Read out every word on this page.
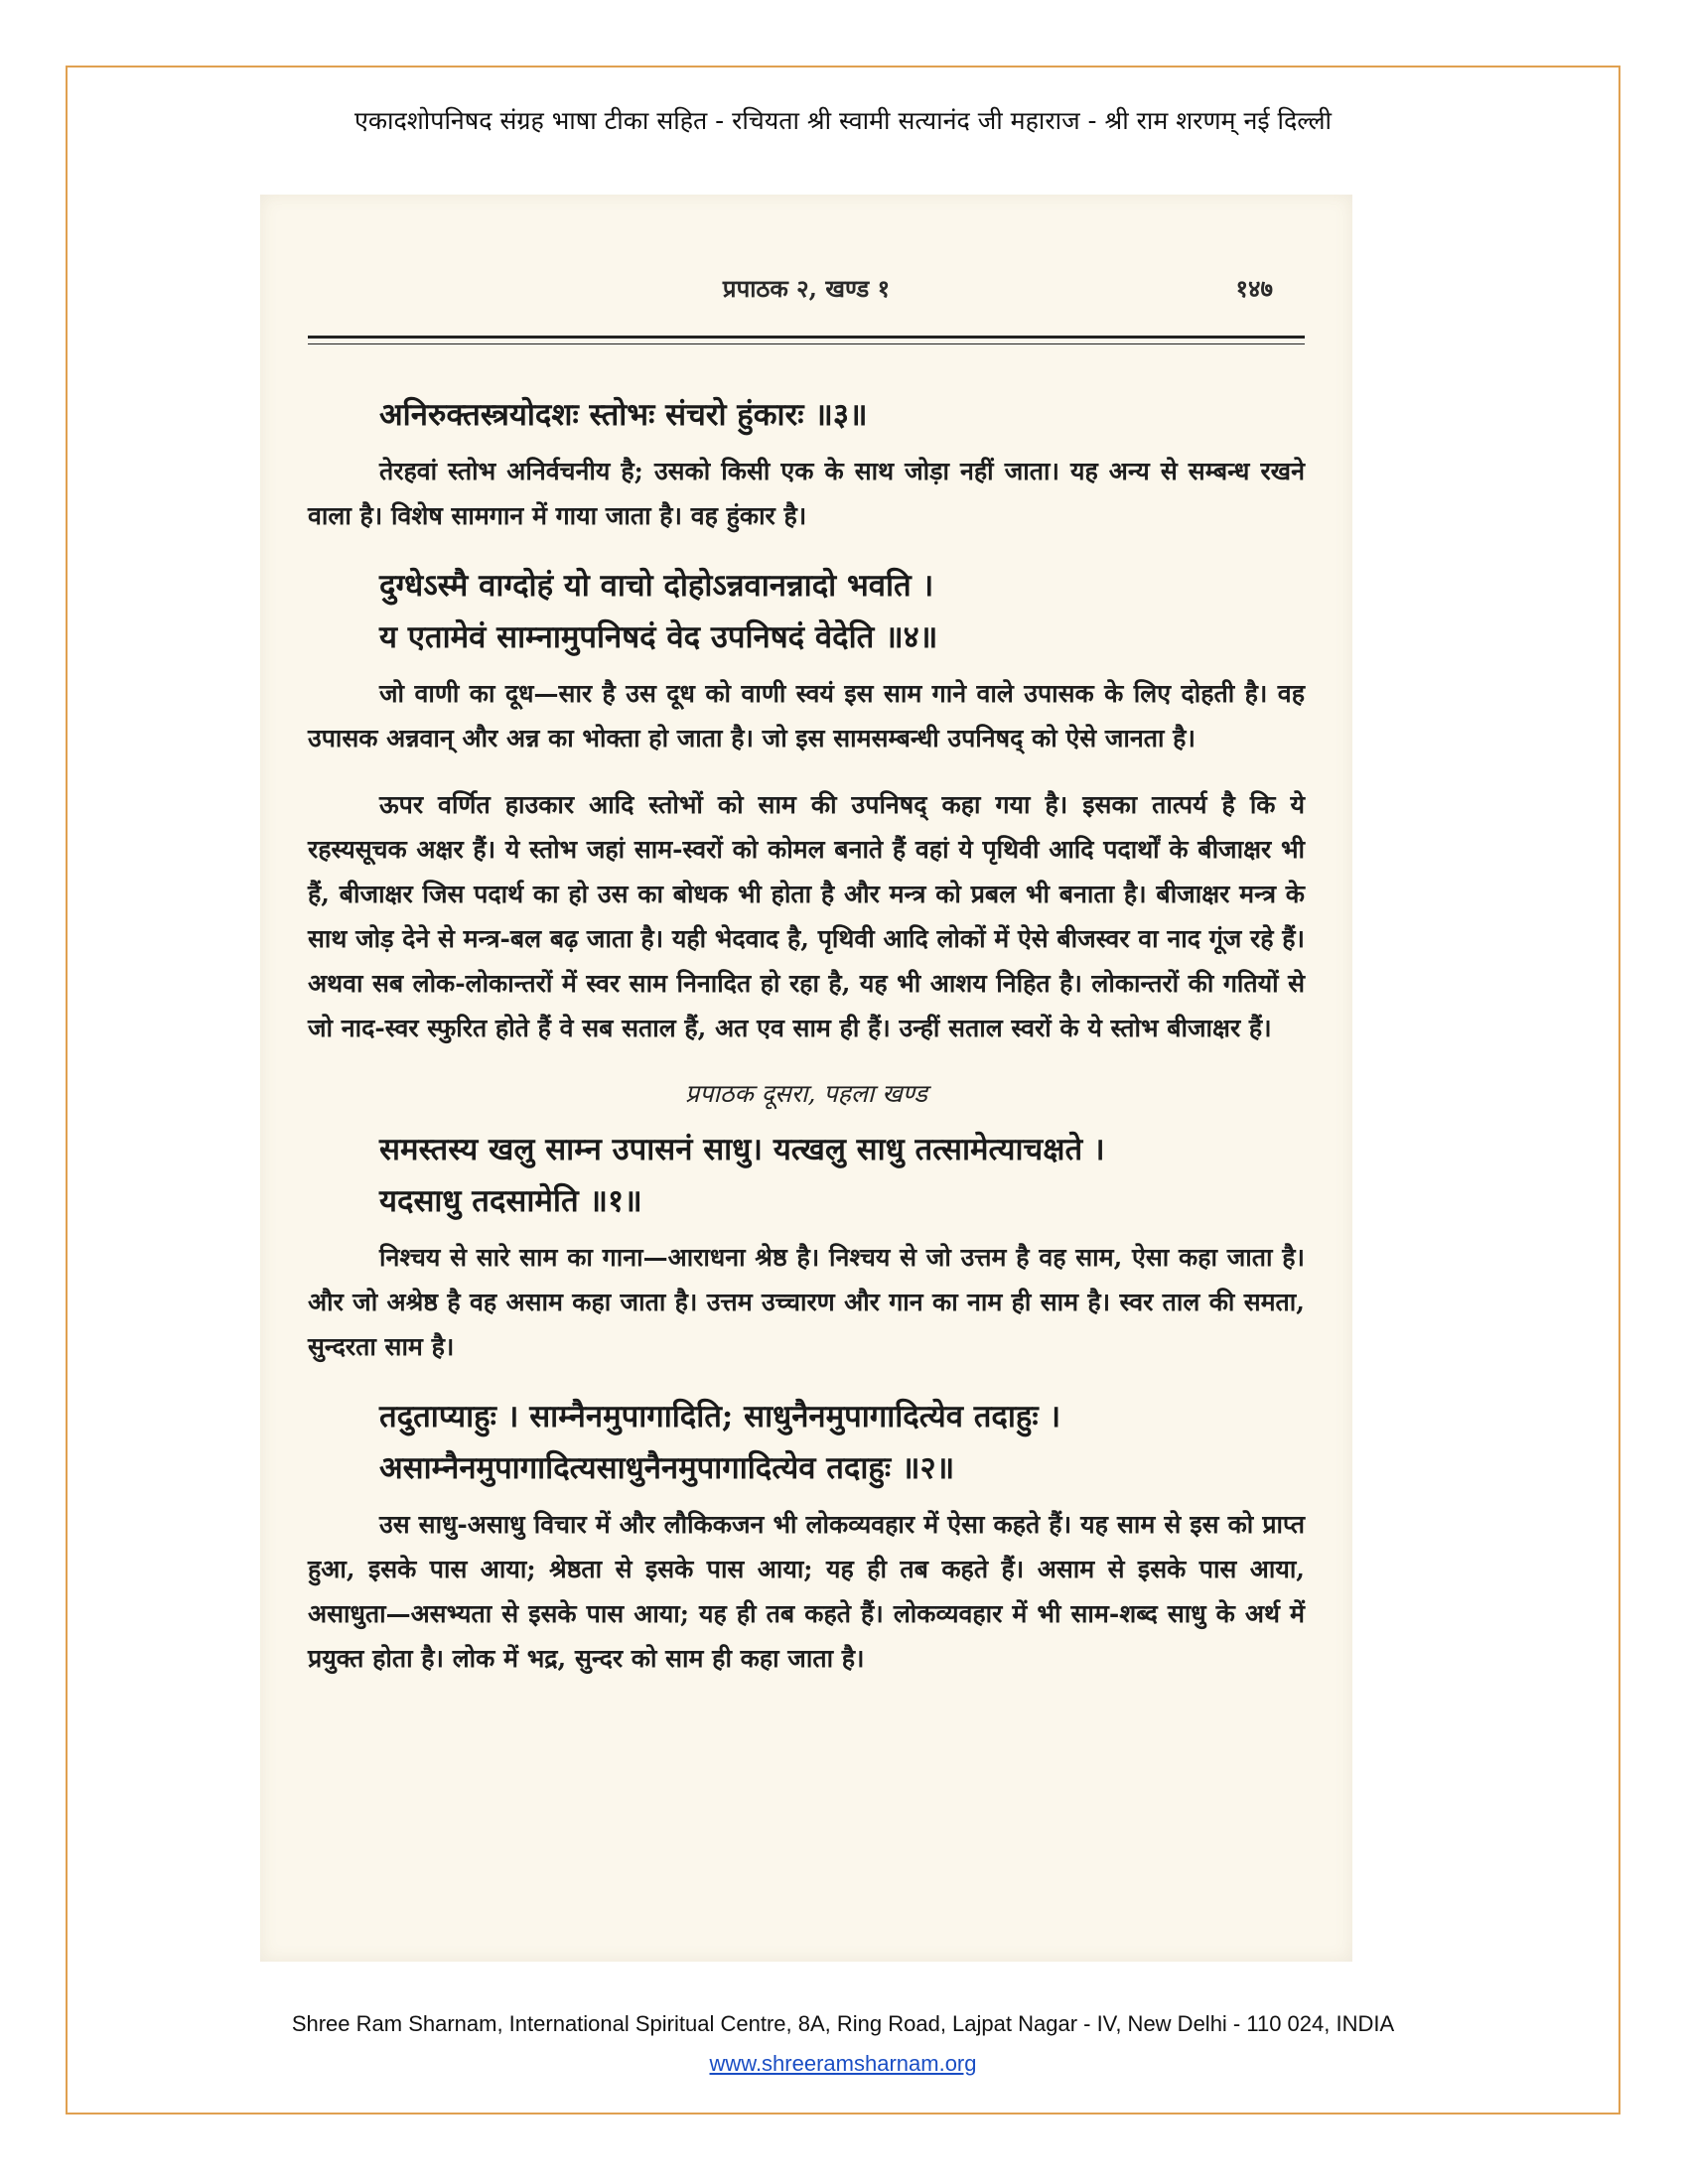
एकादशोपनिषद संग्रह भाषा टीका सहित - रचियता श्री स्वामी सत्यानंद जी महाराज - श्री राम शरणम् नई दिल्ली
प्रपाठक २, खण्ड १	१४७
अनिरुक्तस्त्रयोदशः स्तोभः संचरो हुंकारः ॥३॥

तेरहवां स्तोभ अनिर्वचनीय है; उसको किसी एक के साथ जोड़ा नहीं जाता। यह अन्य से सम्बन्ध रखने वाला है। विशेष सामगान में गाया जाता है। वह हुंकार है।

दुग्धेऽस्मै वाग्दोहं यो वाचो दोहोऽन्नवानन्नादो भवति ।
य एतामेवं साम्नामुपनिषदं वेद उपनिषदं वेदेति ॥४॥

जो वाणी का दूध—सार है उस दूध को वाणी स्वयं इस साम गाने वाले उपासक के लिए दोहती है। वह उपासक अन्नवान् और अन्न का भोक्ता हो जाता है। जो इस सामसम्बन्धी उपनिषद् को ऐसे जानता है।

ऊपर वर्णित हाउकार आदि स्तोभों को साम की उपनिषद् कहा गया है। इसका तात्पर्य है कि ये रहस्यसूचक अक्षर हैं। ये स्तोभ जहां साम-स्वरों को कोमल बनाते हैं वहां ये पृथिवी आदि पदार्थों के बीजाक्षर भी हैं, बीजाक्षर जिस पदार्थ का हो उस का बोधक भी होता है और मन्त्र को प्रबल भी बनाता है। बीजाक्षर मन्त्र के साथ जोड़ देने से मन्त्र-बल बढ़ जाता है। यही भेदवाद है, पृथिवी आदि लोकों में ऐसे बीजस्वर वा नाद गूंज रहे हैं। अथवा सब लोक-लोकान्तरों में स्वर साम निनादित हो रहा है, यह भी आशय निहित है। लोकान्तरों की गतियों से जो नाद-स्वर स्फुरित होते हैं वे सब सताल हैं, अत एव साम ही हैं। उन्हीं सताल स्वरों के ये स्तोभ बीजाक्षर हैं।

प्रपाठक दूसरा, पहला खण्ड
समस्तस्य खलु साम्न उपासनं साधु। यत्खलु साधु तत्सामेत्याचक्षते ।
यदसाधु तदसामेति ॥१॥

निश्चय से सारे साम का गाना—आराधना श्रेष्ठ है। निश्चय से जो उत्तम है वह साम, ऐसा कहा जाता है। और जो अश्रेष्ठ है वह असाम कहा जाता है। उत्तम उच्चारण और गान का नाम ही साम है। स्वर ताल की समता, सुन्दरता साम है।

तदुताप्याहुः । साम्नैनमुपागादिति; साधुनैनमुपागादित्येव तदाहुः ।
असाम्नैनमुपागादित्यसाधुनैनमुपागादित्येव तदाहुः ॥२॥

उस साधु-असाधु विचार में और लौकिकजन भी लोकव्यवहार में ऐसा कहते हैं। यह साम से इस को प्राप्त हुआ, इसके पास आया; श्रेष्ठता से इसके पास आया; यह ही तब कहते हैं। असाम से इसके पास आया, असाधुता—असभ्यता से इसके पास आया; यह ही तब कहते हैं। लोकव्यवहार में भी साम-शब्द साधु के अर्थ में प्रयुक्त होता है। लोक में भद्र, सुन्दर को साम ही कहा जाता है।

Shree Ram Sharnam, International Spiritual Centre, 8A, Ring Road, Lajpat Nagar - IV, New Delhi - 110 024, INDIA
www.shreeramsharnam.org
